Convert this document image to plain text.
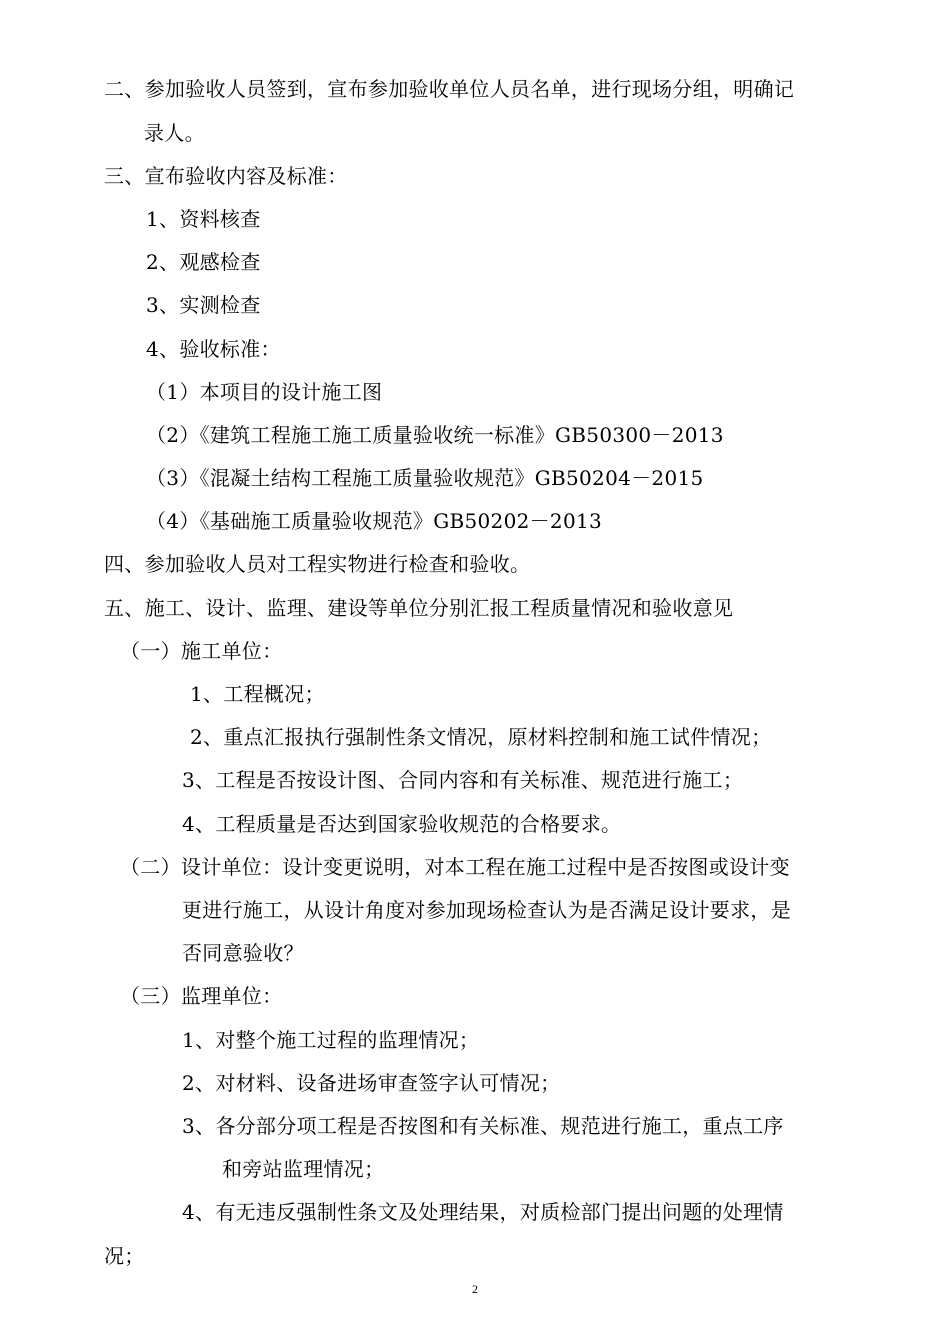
二、参加验收人员签到，宣布参加验收单位人员名单，进行现场分组，明确记
录人。
三、宣布验收内容及标准：
1、资料核查
2、观感检查
3、实测检查
4、验收标准：
（1）本项目的设计施工图
（2）《建筑工程施工施工质量验收统一标准》GB50300－2013
（3）《混凝土结构工程施工质量验收规范》GB50204－2015
（4）《基础施工质量验收规范》GB50202－2013
四、参加验收人员对工程实物进行检查和验收。
五、施工、设计、监理、建设等单位分别汇报工程质量情况和验收意见
（一）施工单位：
1、工程概况；
2、重点汇报执行强制性条文情况，原材料控制和施工试件情况；
3、工程是否按设计图、合同内容和有关标准、规范进行施工；
4、工程质量是否达到国家验收规范的合格要求。
（二）设计单位：设计变更说明，对本工程在施工过程中是否按图或设计变
更进行施工，从设计角度对参加现场检查认为是否满足设计要求，是
否同意验收？
（三）监理单位：
1、对整个施工过程的监理情况；
2、对材料、设备进场审查签字认可情况；
3、各分部分项工程是否按图和有关标准、规范进行施工，重点工序
和旁站监理情况；
4、有无违反强制性条文及处理结果，对质检部门提出问题的处理情
况；
2
